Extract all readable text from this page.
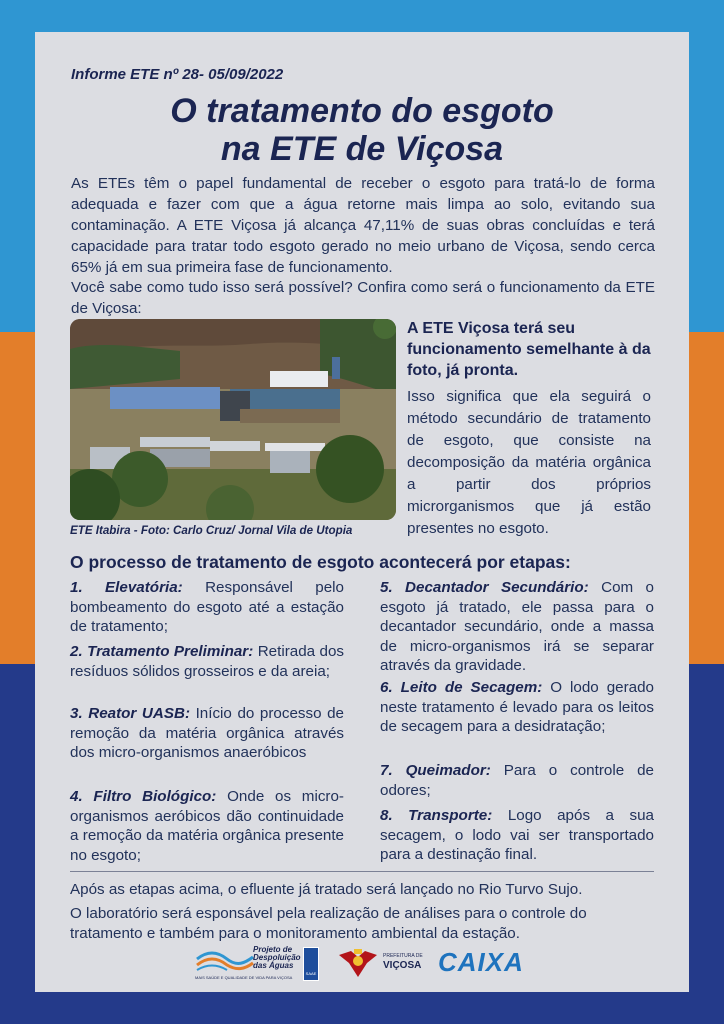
Informe ETE nº 28- 05/09/2022
O tratamento do esgoto
na ETE de Viçosa
As ETEs têm o papel fundamental de receber o esgoto para tratá-lo de forma adequada e fazer com que a água retorne mais limpa ao solo, evitando sua contaminação. A ETE Viçosa já alcança 47,11% de suas obras concluídas e terá capacidade para tratar todo esgoto gerado no meio urbano de Viçosa, sendo cerca 65% já em sua primeira fase de funcionamento.
Você sabe como tudo isso será possível? Confira como será o funcionamento da ETE de Viçosa:
ETE Itabira - Foto: Carlo Cruz/ Jornal Vila de Utopia
A ETE Viçosa terá seu funcionamento semelhante à da foto, já pronta.
Isso significa que ela seguirá o método secundário de tratamento de esgoto, que consiste na decomposição da matéria orgânica a partir dos próprios microrganismos que já estão presentes no esgoto.
O processo de tratamento de esgoto acontecerá por etapas:
1. Elevatória: Responsável pelo bombeamento do esgoto até a estação de tratamento;
2. Tratamento Preliminar: Retirada dos resíduos sólidos grosseiros e da areia;
3. Reator UASB: Início do processo de remoção da matéria orgânica através dos micro-organismos anaeróbicos
4. Filtro Biológico: Onde os micro-organismos aeróbicos dão continuidade a remoção da matéria orgânica presente no esgoto;
5. Decantador Secundário: Com o esgoto já tratado, ele passa para o decantador secundário, onde a massa de micro-organismos irá se separar através da gravidade.
6. Leito de Secagem: O lodo gerado neste tratamento é levado para os leitos de secagem para a desidratação;
7. Queimador: Para o controle de odores;
8. Transporte: Logo após a sua secagem, o lodo vai ser transportado para a destinação final.
Após as etapas acima, o efluente já tratado será lançado no Rio Turvo Sujo.
O laboratório será esponsável pela realização de análises para o controle do tratamento e também para o monitoramento ambiental da estação.
Projeto de
Despoluição
das Águas
MAIS SAÚDE E QUALIDADE DE VIDA PARA VIÇOSA
SAAE
PREFEITURA DE
VIÇOSA CAIXA
